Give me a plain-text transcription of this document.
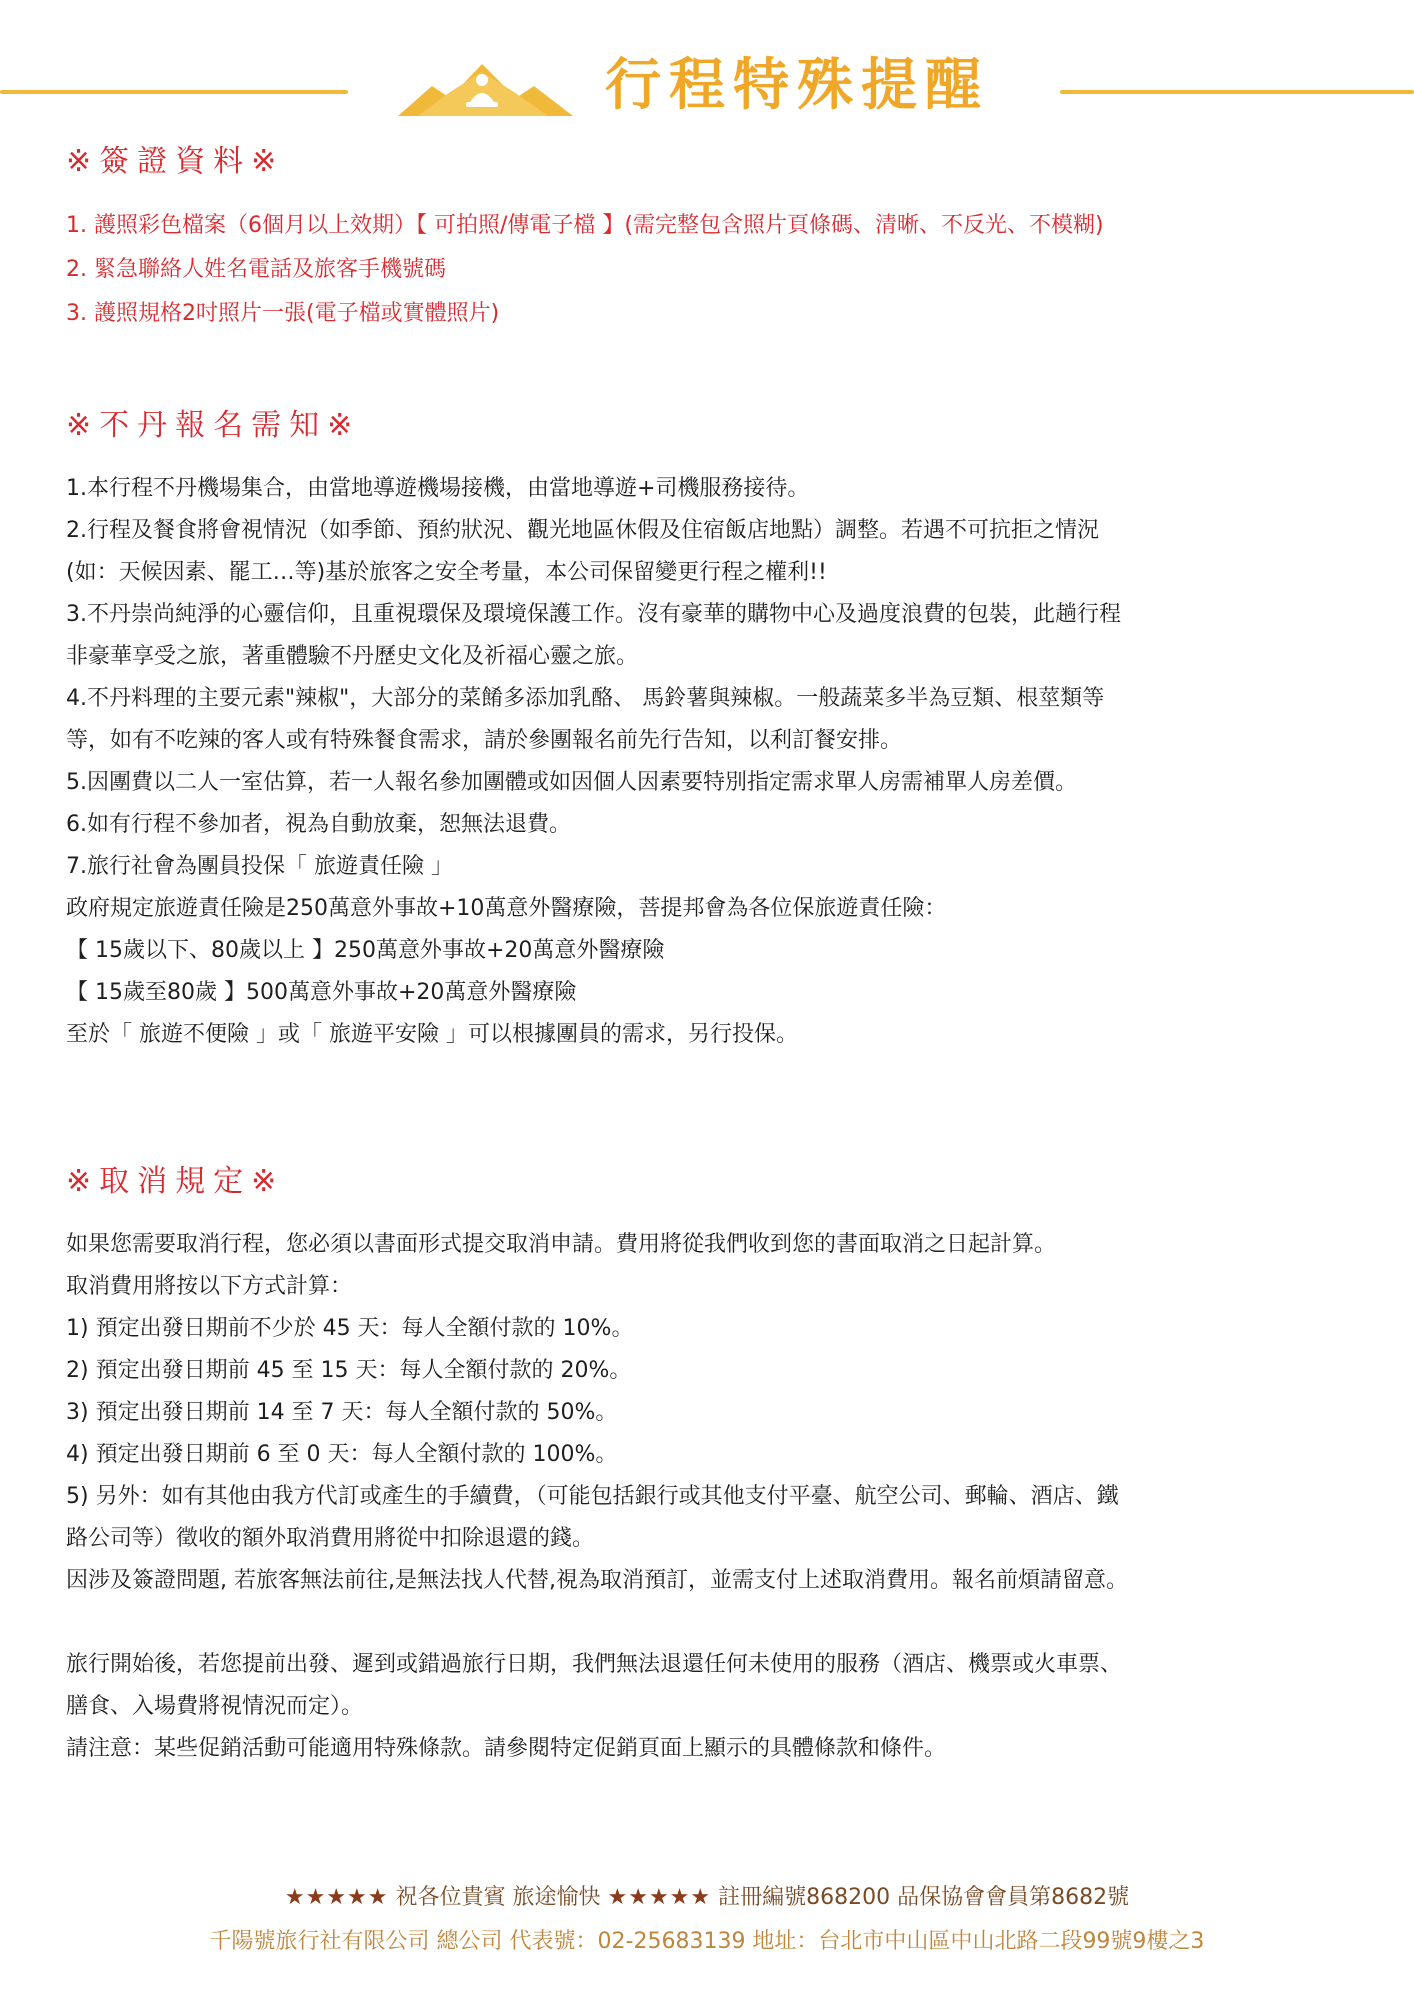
行程特殊提醒
※簽證資料※
1. 護照彩色檔案（6個月以上效期）【 可拍照/傳電子檔 】(需完整包含照片頁條碼、清晰、不反光、不模糊)
2. 緊急聯絡人姓名電話及旅客手機號碼
3. 護照規格2吋照片一張(電子檔或實體照片)
※不丹報名需知※
1.本行程不丹機場集合，由當地導遊機場接機，由當地導遊+司機服務接待。
2.行程及餐食將會視情況（如季節、預約狀況、觀光地區休假及住宿飯店地點）調整。若遇不可抗拒之情況
(如：天候因素、罷工…等)基於旅客之安全考量，本公司保留變更行程之權利!!
3.不丹崇尚純淨的心靈信仰，且重視環保及環境保護工作。沒有豪華的購物中心及過度浪費的包裝，此趟行程
非豪華享受之旅，著重體驗不丹歷史文化及祈福心靈之旅。
4.不丹料理的主要元素"辣椒"，大部分的菜餚多添加乳酪、 馬鈴薯與辣椒。一般蔬菜多半為豆類、根莖類等
等，如有不吃辣的客人或有特殊餐食需求，請於參團報名前先行告知，以利訂餐安排。
5.因團費以二人一室估算，若一人報名參加團體或如因個人因素要特別指定需求單人房需補單人房差價。
6.如有行程不參加者，視為自動放棄，恕無法退費。
7.旅行社會為團員投保「 旅遊責任險 」
政府規定旅遊責任險是250萬意外事故+10萬意外醫療險，菩提邦會為各位保旅遊責任險：
【 15歲以下、80歲以上 】250萬意外事故+20萬意外醫療險
【 15歲至80歲 】500萬意外事故+20萬意外醫療險
至於「 旅遊不便險 」或「 旅遊平安險 」可以根據團員的需求，另行投保。
※取消規定※
如果您需要取消行程，您必須以書面形式提交取消申請。費用將從我們收到您的書面取消之日起計算。
取消費用將按以下方式計算：
1) 預定出發日期前不少於 45 天：每人全額付款的 10%。
2) 預定出發日期前 45 至 15 天：每人全額付款的 20%。
3) 預定出發日期前 14 至 7 天：每人全額付款的 50%。
4) 預定出發日期前 6 至 0 天：每人全額付款的 100%。
5) 另外：如有其他由我方代訂或產生的手續費，（可能包括銀行或其他支付平臺、航空公司、郵輪、酒店、鐵
路公司等）徵收的額外取消費用將從中扣除退還的錢。
因涉及簽證問題, 若旅客無法前往,是無法找人代替,視為取消預訂，並需支付上述取消費用。報名前煩請留意。
旅行開始後，若您提前出發、遲到或錯過旅行日期，我們無法退還任何未使用的服務（酒店、機票或火車票、
膳食、入場費將視情況而定）。
請注意：某些促銷活動可能適用特殊條款。請參閱特定促銷頁面上顯示的具體條款和條件。
★★★★★ 祝各位貴賓 旅途愉快 ★★★★★ 註冊編號868200 品保協會會員第8682號
千陽號旅行社有限公司 總公司 代表號：02-25683139 地址：台北市中山區中山北路二段99號9樓之3
